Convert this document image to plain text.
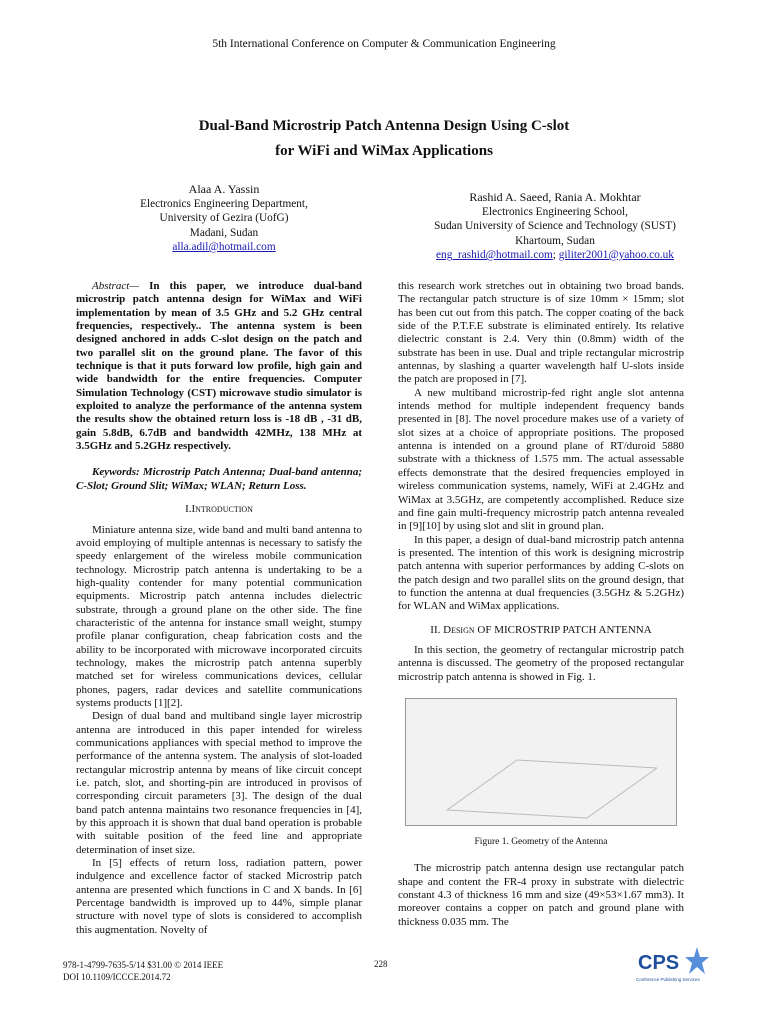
5th International Conference on Computer & Communication Engineering
Dual-Band Microstrip Patch Antenna Design Using C-slot
for WiFi and WiMax Applications
Alaa A. Yassin
Electronics Engineering Department,
University of Gezira (UofG)
Madani, Sudan
alla.adil@hotmail.com
Rashid A. Saeed, Rania A. Mokhtar
Electronics Engineering School,
Sudan University of Science and Technology (SUST)
Khartoum, Sudan
eng_rashid@hotmail.com; giliter2001@yahoo.co.uk

Abstract— In this paper, we introduce dual-band microstrip patch antenna design for WiMax and WiFi implementation by mean of 3.5 GHz and 5.2 GHz central frequencies, respectively.. The antenna system is been designed anchored in adds C-slot design on the patch and two parallel slit on the ground plane. The favor of this technique is that it puts forward low profile, high gain and wide bandwidth for the entire frequencies. Computer Simulation Technology (CST) microwave studio simulator is exploited to analyze the performance of the antenna system the results show the obtained return loss is -18 dB , -31 dB, gain 5.8dB, 6.7dB and bandwidth 42MHz, 138 MHz at 3.5GHz and 5.2GHz respectively.

Keywords: Microstrip Patch Antenna; Dual-band antenna; C-Slot; Ground Slit; WiMax; WLAN; Return Loss.

I.Introduction

Miniature antenna size, wide band and multi band antenna to avoid employing of multiple antennas is necessary to satisfy the speedy enlargement of the wireless mobile communication technology. Microstrip patch antenna is undertaking to be a high-quality contender for many potential communication equipments. Microstrip patch antenna includes dielectric substrate, through a ground plane on the other side. The fine characteristic of the antenna for instance small weight, stumpy profile planar configuration, cheap fabrication costs and the ability to be incorporated with microwave incorporated circuits technology, makes the microstrip patch antenna superbly matched set for wireless communications devices, cellular phones, pagers, radar devices and satellite communications systems products [1][2].

Design of dual band and multiband single layer microstrip antenna are introduced in this paper intended for wireless communications appliances with special method to improve the performance of the antenna system. The analysis of slot-loaded rectangular microstrip antenna by means of like circuit concept i.e. patch, slot, and shorting-pin are introduced in provisos of corresponding circuit parameters [3]. The design of the dual band patch antenna maintains two resonance frequencies in [4], by this approach it is shown that dual band operation is probable with suitable position of the feed line and appropriate determination of inset size.

In [5] effects of return loss, radiation pattern, power indulgence and excellence factor of stacked Microstrip patch antenna are presented which functions in C and X bands. In [6] Percentage bandwidth is improved up to 44%, simple planar structure with novel type of slots is considered to accomplish this augmentation. Novelty of

this research work stretches out in obtaining two broad bands. The rectangular patch structure is of size 10mm × 15mm; slot has been cut out from this patch. The copper coating of the back side of the P.T.F.E substrate is eliminated entirely. Its relative dielectric constant is 2.4. Very thin (0.8mm) width of the substrate has been in use. Dual and triple rectangular microstrip antennas, by slashing a quarter wavelength half U-slots inside the patch are proposed in [7].

A new multiband microstrip-fed right angle slot antenna intends method for multiple independent frequency bands presented in [8]. The novel procedure makes use of a variety of slot sizes at a choice of appropriate positions. The proposed antenna is intended on a ground plane of RT/duroid 5880 substrate with a thickness of 1.575 mm. The actual assessable effects demonstrate that the desired frequencies employed in wireless communication systems, namely, WiFi at 2.4GHz and WiMax at 3.5GHz, are competently accomplished. Reduce size and fine gain multi-frequency microstrip patch antenna revealed in [9][10] by using slot and slit in ground plan.

In this paper, a design of dual-band microstrip patch antenna is presented. The intention of this work is designing microstrip patch antenna with superior performances by adding C-slots on the patch design and two parallel slits on the ground design, that to function the antenna at dual frequencies (3.5GHz & 5.2GHz) for WLAN and WiMax applications.

II. Design OF MICROSTRIP PATCH ANTENNA

In this section, the geometry of rectangular microstrip patch antenna is discussed. The geometry of the proposed rectangular microstrip patch antenna is showed in Fig. 1.

Figure 1. Geometry of the Antenna

The microstrip patch antenna design use rectangular patch shape and content the FR-4 proxy in substrate with dielectric constant 4.3 of thickness 16 mm and size (49×53×1.67 mm3). It moreover contains a copper on patch and ground plane with thickness 0.035 mm. The

978-1-4799-7635-5/14 $31.00 © 2014 IEEE
DOI 10.1109/ICCCE.2014.72
228	CPS
Conference Publishing Services
